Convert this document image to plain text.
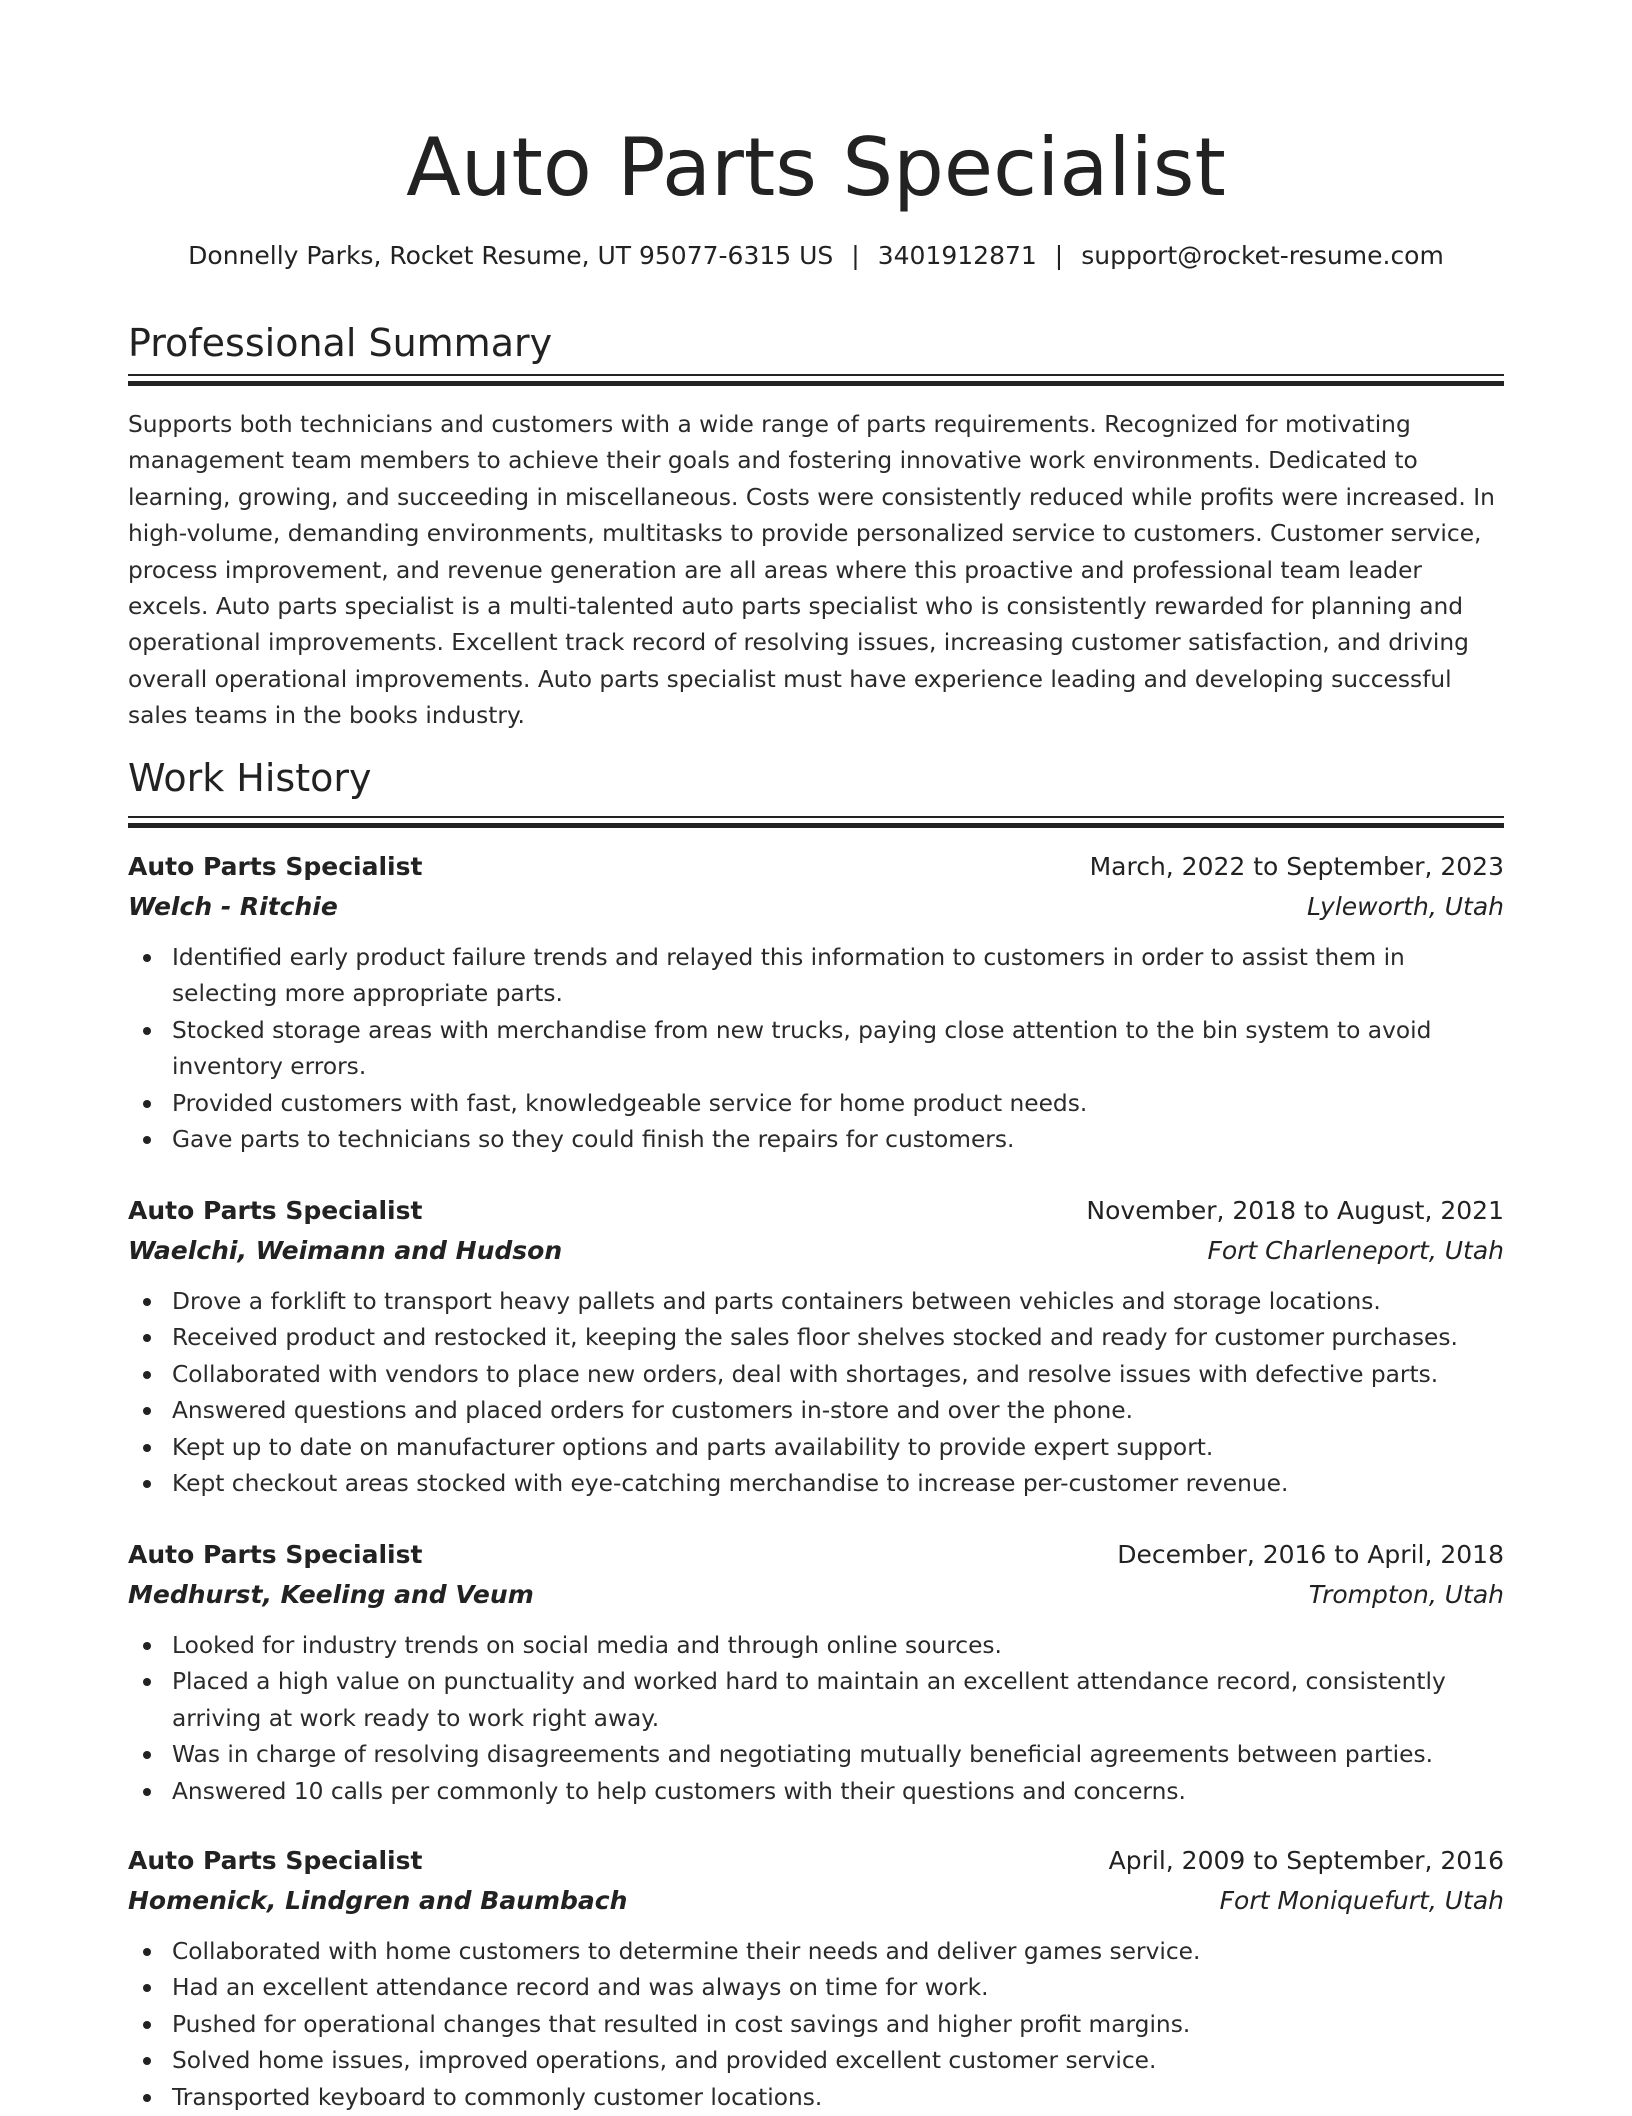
Auto Parts Specialist
Donnelly Parks, Rocket Resume, UT 95077-6315 US | 3401912871 | support@rocket-resume.com
Professional Summary

Supports both technicians and customers with a wide range of parts requirements. Recognized for motivating management team members to achieve their goals and fostering innovative work environments. Dedicated to learning, growing, and succeeding in miscellaneous. Costs were consistently reduced while profits were increased. In high-volume, demanding environments, multitasks to provide personalized service to customers. Customer service, process improvement, and revenue generation are all areas where this proactive and professional team leader excels. Auto parts specialist is a multi-talented auto parts specialist who is consistently rewarded for planning and operational improvements. Excellent track record of resolving issues, increasing customer satisfaction, and driving overall operational improvements. Auto parts specialist must have experience leading and developing successful sales teams in the books industry.

Work History
Auto Parts Specialist	March, 2022 to September, 2023
Welch - Ritchie	Lyleworth, Utah
Identified early product failure trends and relayed this information to customers in order to assist them in selecting more appropriate parts.
Stocked storage areas with merchandise from new trucks, paying close attention to the bin system to avoid inventory errors.
Provided customers with fast, knowledgeable service for home product needs.
Gave parts to technicians so they could finish the repairs for customers.
Auto Parts Specialist	November, 2018 to August, 2021
Waelchi, Weimann and Hudson	Fort Charleneport, Utah
Drove a forklift to transport heavy pallets and parts containers between vehicles and storage locations.
Received product and restocked it, keeping the sales floor shelves stocked and ready for customer purchases.
Collaborated with vendors to place new orders, deal with shortages, and resolve issues with defective parts.
Answered questions and placed orders for customers in-store and over the phone.
Kept up to date on manufacturer options and parts availability to provide expert support.
Kept checkout areas stocked with eye-catching merchandise to increase per-customer revenue.
Auto Parts Specialist	December, 2016 to April, 2018
Medhurst, Keeling and Veum	Trompton, Utah
Looked for industry trends on social media and through online sources.
Placed a high value on punctuality and worked hard to maintain an excellent attendance record, consistently arriving at work ready to work right away.
Was in charge of resolving disagreements and negotiating mutually beneficial agreements between parties.
Answered 10 calls per commonly to help customers with their questions and concerns.
Auto Parts Specialist	April, 2009 to September, 2016
Homenick, Lindgren and Baumbach	Fort Moniquefurt, Utah
Collaborated with home customers to determine their needs and deliver games service.
Had an excellent attendance record and was always on time for work.
Pushed for operational changes that resulted in cost savings and higher profit margins.
Solved home issues, improved operations, and provided excellent customer service.
Transported keyboard to commonly customer locations.
